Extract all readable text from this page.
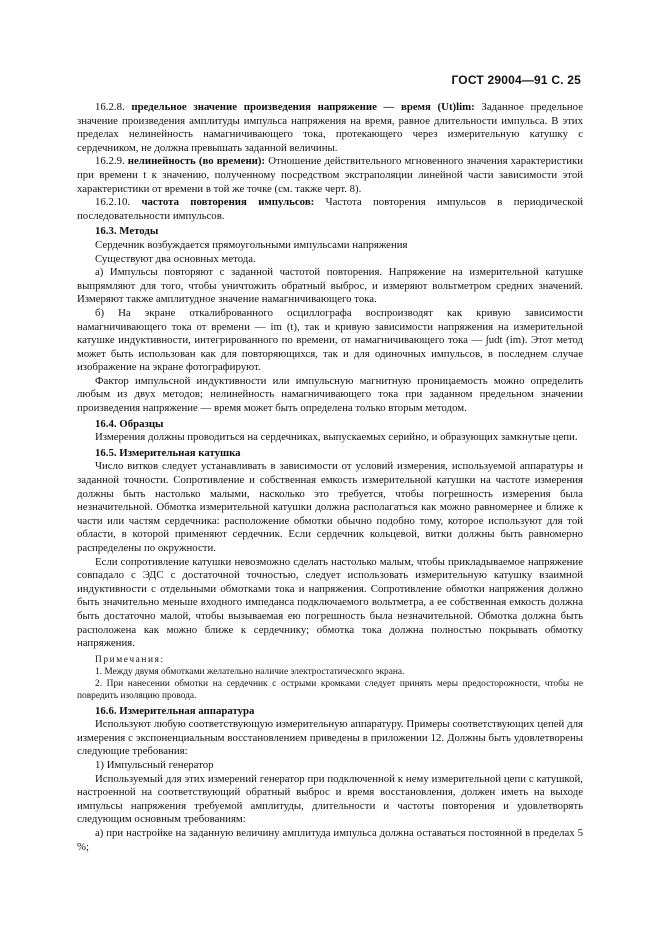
ГОСТ 29004—91 С. 25

16.2.8. предельное значение произведения напряжение — время (Ut)lim: Заданное предельное значение произведения амплитуды импульса напряжения на время, равное длительности импульса. В этих пределах нелинейность намагничивающего тока, протекающего через измерительную катушку с сердечником, не должна превышать заданной величины.

16.2.9. нелинейность (во времени): Отношение действительного мгновенного значения характеристики при времени t к значению, полученному посредством экстраполяции линейной части зависимости этой характеристики от времени в той же точке (см. также черт. 8).

16.2.10. частота повторения импульсов: Частота повторения импульсов в периодической последовательности импульсов.

16.3. Методы

Сердечник возбуждается прямоугольными импульсами напряжения

Существуют два основных метода.

а) Импульсы повторяют с заданной частотой повторения. Напряжение на измерительной катушке выпрямляют для того, чтобы уничтожить обратный выброс, и измеряют вольтметром средних значений. Измеряют также амплитудное значение намагничивающего тока.

б) На экране откалиброванного осциллографа воспроизводят как кривую зависимости намагничивающего тока от времени — im (t), так и кривую зависимости напряжения на измерительной катушке индуктивности, интегрированного по времени, от намагничивающего тока — ∫udt (im). Этот метод может быть использован как для повторяющихся, так и для одиночных импульсов, в последнем случае изображение на экране фотографируют.

Фактор импульсной индуктивности или импульсную магнитную проницаемость можно определить любым из двух методов; нелинейность намагничивающего тока при заданном предельном значении произведения напряжение — время может быть определена только вторым методом.

16.4. Образцы

Измерения должны проводиться на сердечниках, выпускаемых серийно, и образующих замкнутые цепи.

16.5. Измерительная катушка

Число витков следует устанавливать в зависимости от условий измерения, используемой аппаратуры и заданной точности. Сопротивление и собственная емкость измерительной катушки на частоте измерения должны быть настолько малыми, насколько это требуется, чтобы погрешность измерения была незначительной. Обмотка измерительной катушки должна располагаться как можно равномернее и ближе к части или частям сердечника: расположение обмотки обычно подобно тому, которое используют для той области, в которой применяют сердечник. Если сердечник кольцевой, витки должны быть равномерно распределены по окружности.

Если сопротивление катушки невозможно сделать настолько малым, чтобы прикладываемое напряжение совпадало с ЭДС с достаточной точностью, следует использовать измерительную катушку взаимной индуктивности с отдельными обмотками тока и напряжения. Сопротивление обмотки напряжения должно быть значительно меньше входного импеданса подключаемого вольтметра, а ее собственная емкость должна быть достаточно малой, чтобы вызываемая ею погрешность была незначительной. Обмотка должна быть расположена как можно ближе к сердечнику; обмотка тока должна полностью покрывать обмотку напряжения.

Примечания:

1. Между двумя обмотками желательно наличие электростатического экрана.

2. При нанесении обмотки на сердечник с острыми кромками следует принять меры предосторожности, чтобы не повредить изоляцию провода.

16.6. Измерительная аппаратура

Используют любую соответствующую измерительную аппаратуру. Примеры соответствующих цепей для измерения с экспоненциальным восстановлением приведены в приложении 12. Должны быть удовлетворены следующие требования:

1) Импульсный генератор

Используемый для этих измерений генератор при подключенной к нему измерительной цепи с катушкой, настроенной на соответствующий обратный выброс и время восстановления, должен иметь на выходе импульсы напряжения требуемой амплитуды, длительности и частоты повторения и удовлетворять следующим основным требованиям:

а) при настройке на заданную величину амплитуда импульса должна оставаться постоянной в пределах 5 %;
